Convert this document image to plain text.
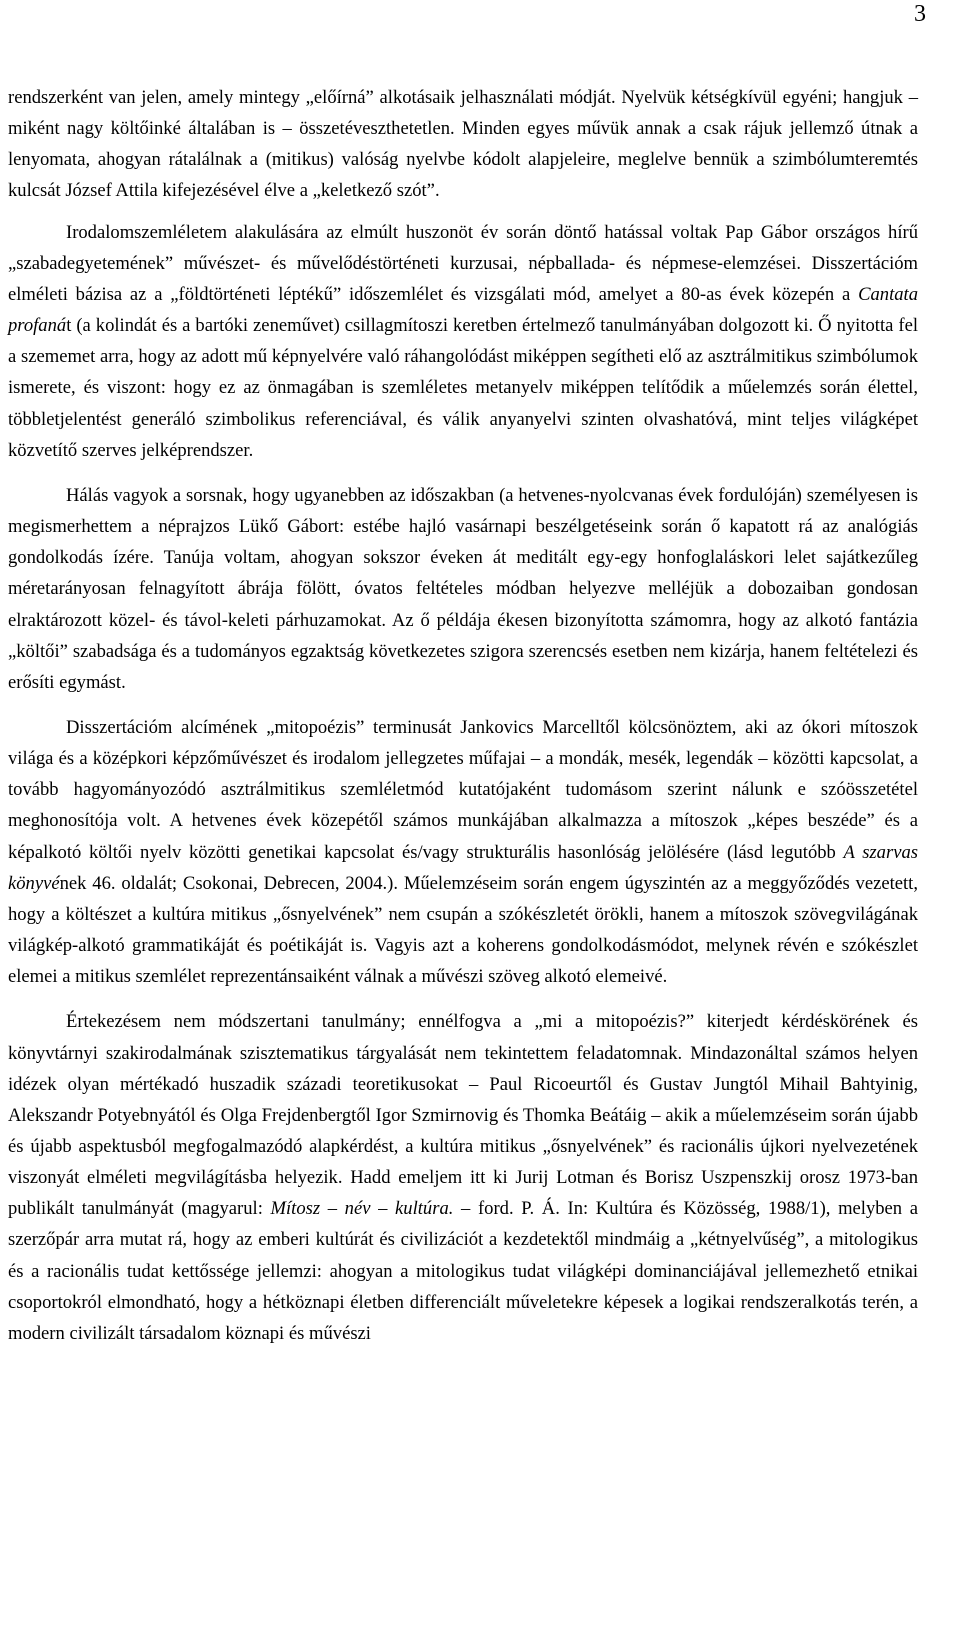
3

rendszerként van jelen, amely mintegy „előírná” alkotásaik jelhasználati módját. Nyelvük kétségkívül egyéni; hangjuk – miként nagy költőinké általában is – összetéveszthetetlen. Minden egyes művük annak a csak rájuk jellemző útnak a lenyomata, ahogyan rátalálnak a (mitikus) valóság nyelvbe kódolt alapjeleire, meglelve bennük a szimbólumteremtés kulcsát József Attila kifejezésével élve a „keletkező szót”.

Irodalomszemléletem alakulására az elmúlt huszonöt év során döntő hatással voltak Pap Gábor országos hírű „szabadegyetemének” művészet- és művelődéstörténeti kurzusai, népballada- és népmese-elemzései. Disszertációm elméleti bázisa az a „földtörténeti léptékű” időszemlélet és vizsgálati mód, amelyet a 80-as évek közepén a Cantata profanát (a kolindát és a bartóki zeneművet) csillagmítoszi keretben értelmező tanulmányában dolgozott ki. Ő nyitotta fel a szememet arra, hogy az adott mű képnyelvére való ráhangolódást miképpen segítheti elő az asztrálmitikus szimbólumok ismerete, és viszont: hogy ez az önmagában is szemléletes metanyelv miképpen telítődik a műelemzés során élettel, többletjelentést generáló szimbolikus referenciával, és válik anyanyelvi szinten olvashatóvá, mint teljes világképet közvetítő szerves jelképrendszer.

Hálás vagyok a sorsnak, hogy ugyanebben az időszakban (a hetvenes-nyolcvanas évek fordulóján) személyesen is megismerhettem a néprajzos Lükő Gábort: estébe hajló vasárnapi beszélgetéseink során ő kapatott rá az analógiás gondolkodás ízére. Tanúja voltam, ahogyan sokszor éveken át meditált egy-egy honfoglaláskori lelet sajátkezűleg méretarányosan felnagyított ábrája fölött, óvatos feltételes módban helyezve melléjük a dobozaiban gondosan elraktározott közel- és távol-keleti párhuzamokat. Az ő példája ékesen bizonyította számomra, hogy az alkotó fantázia „költői” szabadsága és a tudományos egzaktság következetes szigora szerencsés esetben nem kizárja, hanem feltételezi és erősíti egymást.

Disszertációm alcímének „mitopoézis” terminusát Jankovics Marcelltől kölcsönöztem, aki az ókori mítoszok világa és a középkori képzőművészet és irodalom jellegzetes műfajai – a mondák, mesék, legendák – közötti kapcsolat, a tovább hagyományozódó asztrálmitikus szemléletmód kutatójaként tudomásom szerint nálunk e szóösszetétel meghonosítója volt. A hetvenes évek közepétől számos munkájában alkalmazza a mítoszok „képes beszéde” és a képalkotó költői nyelv közötti genetikai kapcsolat és/vagy strukturális hasonlóság jelölésére (lásd legutóbb A szarvas könyvének 46. oldalát; Csokonai, Debrecen, 2004.). Műelemzéseim során engem úgyszintén az a meggyőződés vezetett, hogy a költészet a kultúra mitikus „ősnyelvének” nem csupán a szókészletét örökli, hanem a mítoszok szövegvilágának világkép-alkotó grammatikáját és poétikáját is. Vagyis azt a koherens gondolkodásmódot, melynek révén e szókészlet elemei a mitikus szemlélet reprezentánsaiként válnak a művészi szöveg alkotó elemeivé.

Értekezésem nem módszertani tanulmány; ennélfogva a „mi a mitopoézis?” kiterjedt kérdéskörének és könyvtárnyi szakirodalmának szisztematikus tárgyalását nem tekintettem feladatomnak. Mindazonáltal számos helyen idézek olyan mértékadó huszadik századi teoretikusokat – Paul Ricoeurtől és Gustav Jungtól Mihail Bahtyinig, Alekszandr Potyebnyától és Olga Frejdenbergtől Igor Szmirnovig és Thomka Beátáig – akik a műelemzéseim során újabb és újabb aspektusból megfogalmazódó alapkérdést, a kultúra mitikus „ősnyelvének” és racionális újkori nyelvezetének viszonyát elméleti megvilágításba helyezik. Hadd emeljem itt ki Jurij Lotman és Borisz Uszpenszkij orosz 1973-ban publikált tanulmányát (magyarul: Mítosz – név – kultúra. – ford. P. Á. In: Kultúra és Közösség, 1988/1), melyben a szerzőpár arra mutat rá, hogy az emberi kultúrát és civilizációt a kezdetektől mindmáig a „kétnyelvűség”, a mitologikus és a racionális tudat kettőssége jellemzi: ahogyan a mitologikus tudat világképi dominanciájával jellemezhető etnikai csoportokról elmondható, hogy a hétköznapi életben differenciált műveletekre képesek a logikai rendszeralkotás terén, a modern civilizált társadalom köznapi és művészi
